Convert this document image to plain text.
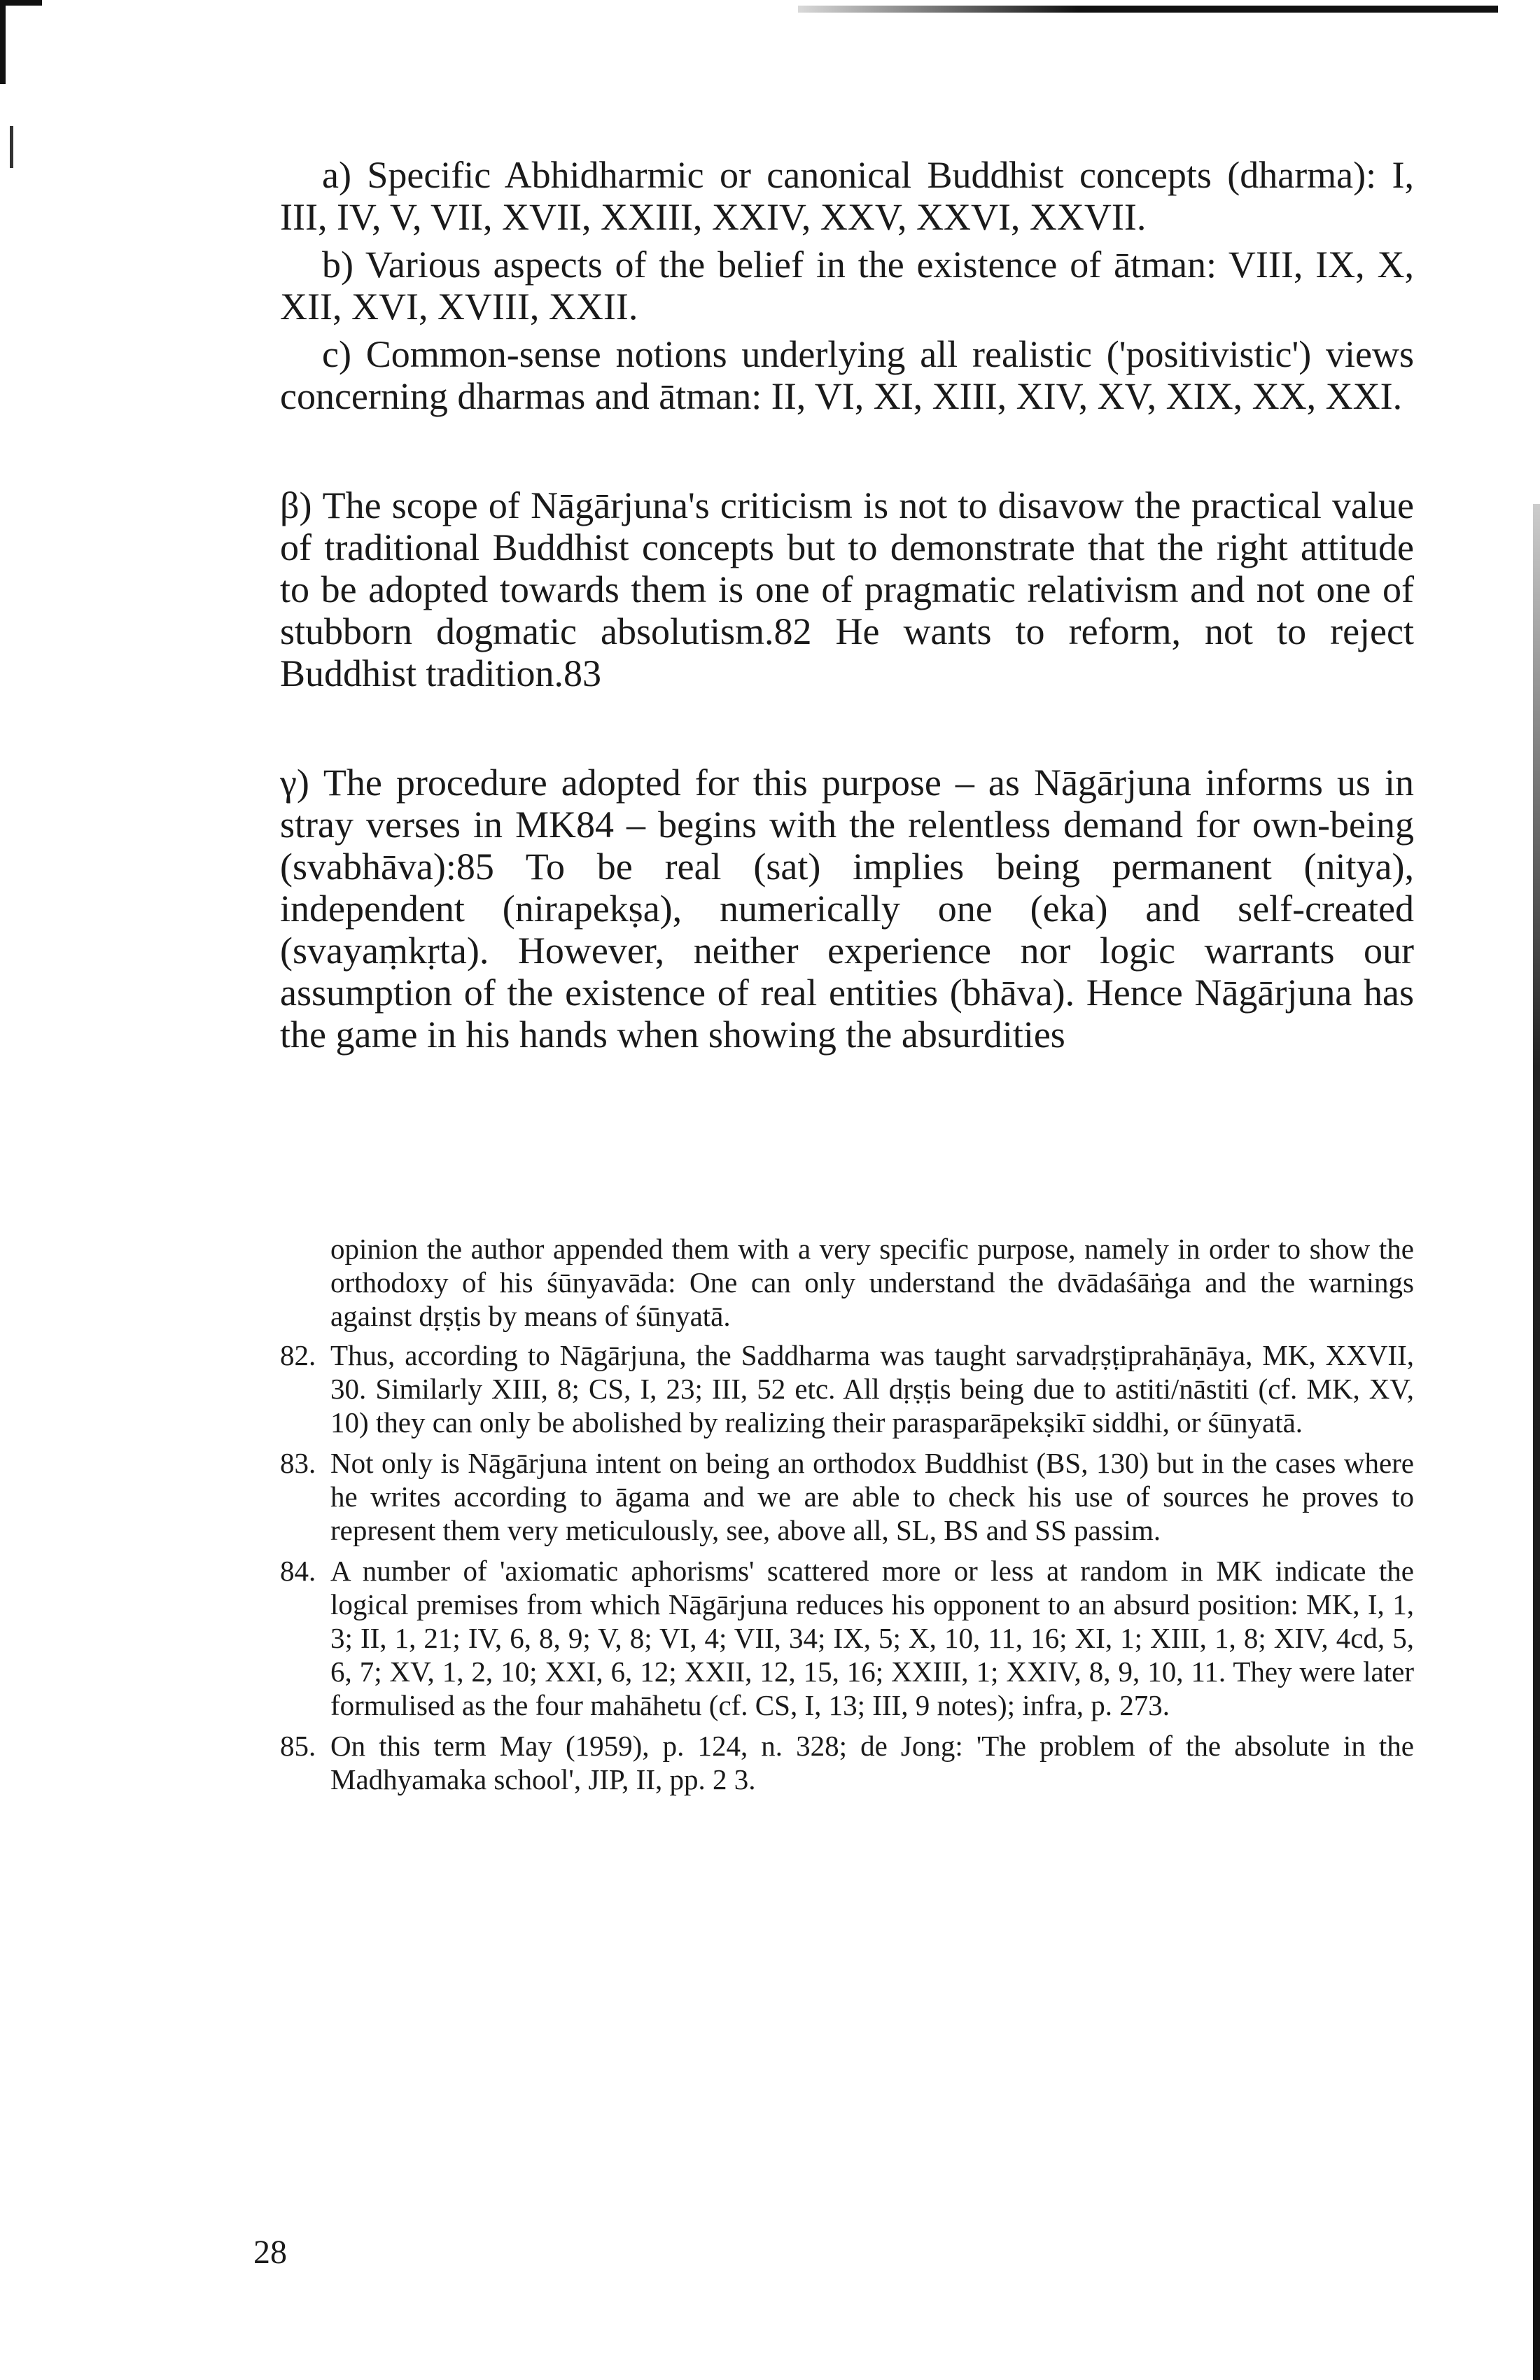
a) Specific Abhidharmic or canonical Buddhist concepts (dharma): I, III, IV, V, VII, XVII, XXIII, XXIV, XXV, XXVI, XXVII.

b) Various aspects of the belief in the existence of ātman: VIII, IX, X, XII, XVI, XVIII, XXII.

c) Common-sense notions underlying all realistic ('positivistic') views concerning dharmas and ātman: II, VI, XI, XIII, XIV, XV, XIX, XX, XXI.

β) The scope of Nāgārjuna's criticism is not to disavow the practical value of traditional Buddhist concepts but to demonstrate that the right attitude to be adopted towards them is one of pragmatic relativism and not one of stubborn dogmatic absolutism.82 He wants to reform, not to reject Buddhist tradition.83

γ) The procedure adopted for this purpose – as Nāgārjuna informs us in stray verses in MK84 – begins with the relentless demand for own-being (svabhāva):85 To be real (sat) implies being permanent (nitya), independent (nirapekṣa), numerically one (eka) and self-created (svayaṃkṛta). However, neither experience nor logic warrants our assumption of the existence of real entities (bhāva). Hence Nāgārjuna has the game in his hands when showing the absurdities

opinion the author appended them with a very specific purpose, namely in order to show the orthodoxy of his śūnyavāda: One can only understand the dvādaśāṅga and the warnings against dṛṣṭis by means of śūnyatā.
82. Thus, according to Nāgārjuna, the Saddharma was taught sarvadṛṣṭiprahāṇāya, MK, XXVII, 30. Similarly XIII, 8; CS, I, 23; III, 52 etc. All dṛṣṭis being due to astiti/nāstiti (cf. MK, XV, 10) they can only be abolished by realizing their parasparāpekṣikī siddhi, or śūnyatā.
83. Not only is Nāgārjuna intent on being an orthodox Buddhist (BS, 130) but in the cases where he writes according to āgama and we are able to check his use of sources he proves to represent them very meticulously, see, above all, SL, BS and SS passim.
84. A number of 'axiomatic aphorisms' scattered more or less at random in MK indicate the logical premises from which Nāgārjuna reduces his opponent to an absurd position: MK, I, 1, 3; II, 1, 21; IV, 6, 8, 9; V, 8; VI, 4; VII, 34; IX, 5; X, 10, 11, 16; XI, 1; XIII, 1, 8; XIV, 4cd, 5, 6, 7; XV, 1, 2, 10; XXI, 6, 12; XXII, 12, 15, 16; XXIII, 1; XXIV, 8, 9, 10, 11. They were later formulised as the four mahāhetu (cf. CS, I, 13; III, 9 notes); infra, p. 273.
85. On this term May (1959), p. 124, n. 328; de Jong: 'The problem of the absolute in the Madhyamaka school', JIP, II, pp. 2 3.
28
